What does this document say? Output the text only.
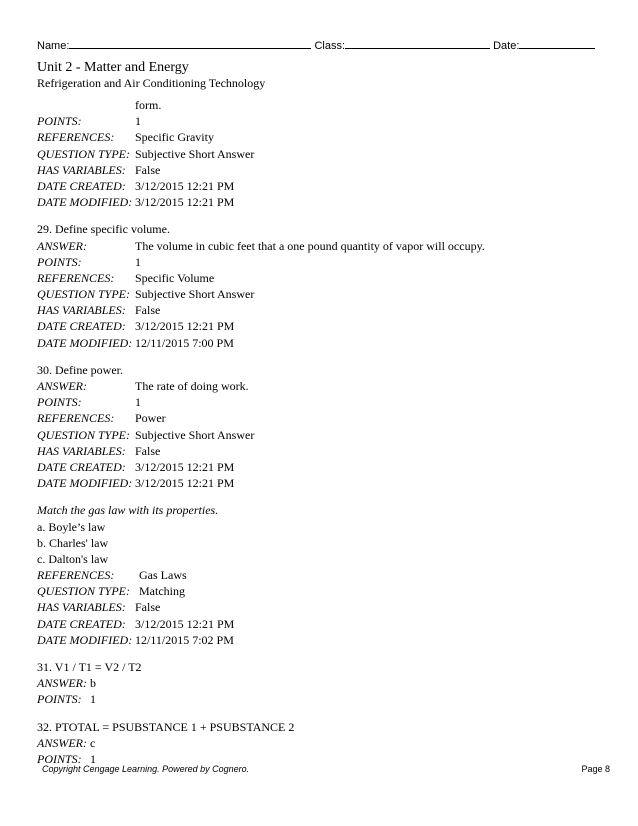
Name:	Class:	Date:
Unit 2 - Matter and Energy
Refrigeration and Air Conditioning Technology
form.
POINTS:	1
REFERENCES: Specific Gravity
QUESTION TYPE: Subjective Short Answer
HAS VARIABLES: False
DATE CREATED: 3/12/2015 12:21 PM
DATE MODIFIED: 3/12/2015 12:21 PM
29. Define specific volume.
ANSWER:	The volume in cubic feet that a one pound quantity of vapor will occupy.
POINTS:	1
REFERENCES: Specific Volume
QUESTION TYPE: Subjective Short Answer
HAS VARIABLES: False
DATE CREATED: 3/12/2015 12:21 PM
DATE MODIFIED: 12/11/2015 7:00 PM
30. Define power.
ANSWER:	The rate of doing work.
POINTS:	1
REFERENCES: Power
QUESTION TYPE: Subjective Short Answer
HAS VARIABLES: False
DATE CREATED: 3/12/2015 12:21 PM
DATE MODIFIED: 3/12/2015 12:21 PM
Match the gas law with its properties.
a. Boyle’s law
b. Charles' law
c. Dalton's law
REFERENCES: Gas Laws
QUESTION TYPE: Matching
HAS VARIABLES: False
DATE CREATED: 3/12/2015 12:21 PM
DATE MODIFIED: 12/11/2015 7:02 PM
31. V1 / T1 = V2 / T2
ANSWER: b
POINTS: 1
32. PTOTAL = PSUBSTANCE 1 + PSUBSTANCE 2
ANSWER: c
POINTS: 1
Copyright Cengage Learning. Powered by Cognero.	Page 8
